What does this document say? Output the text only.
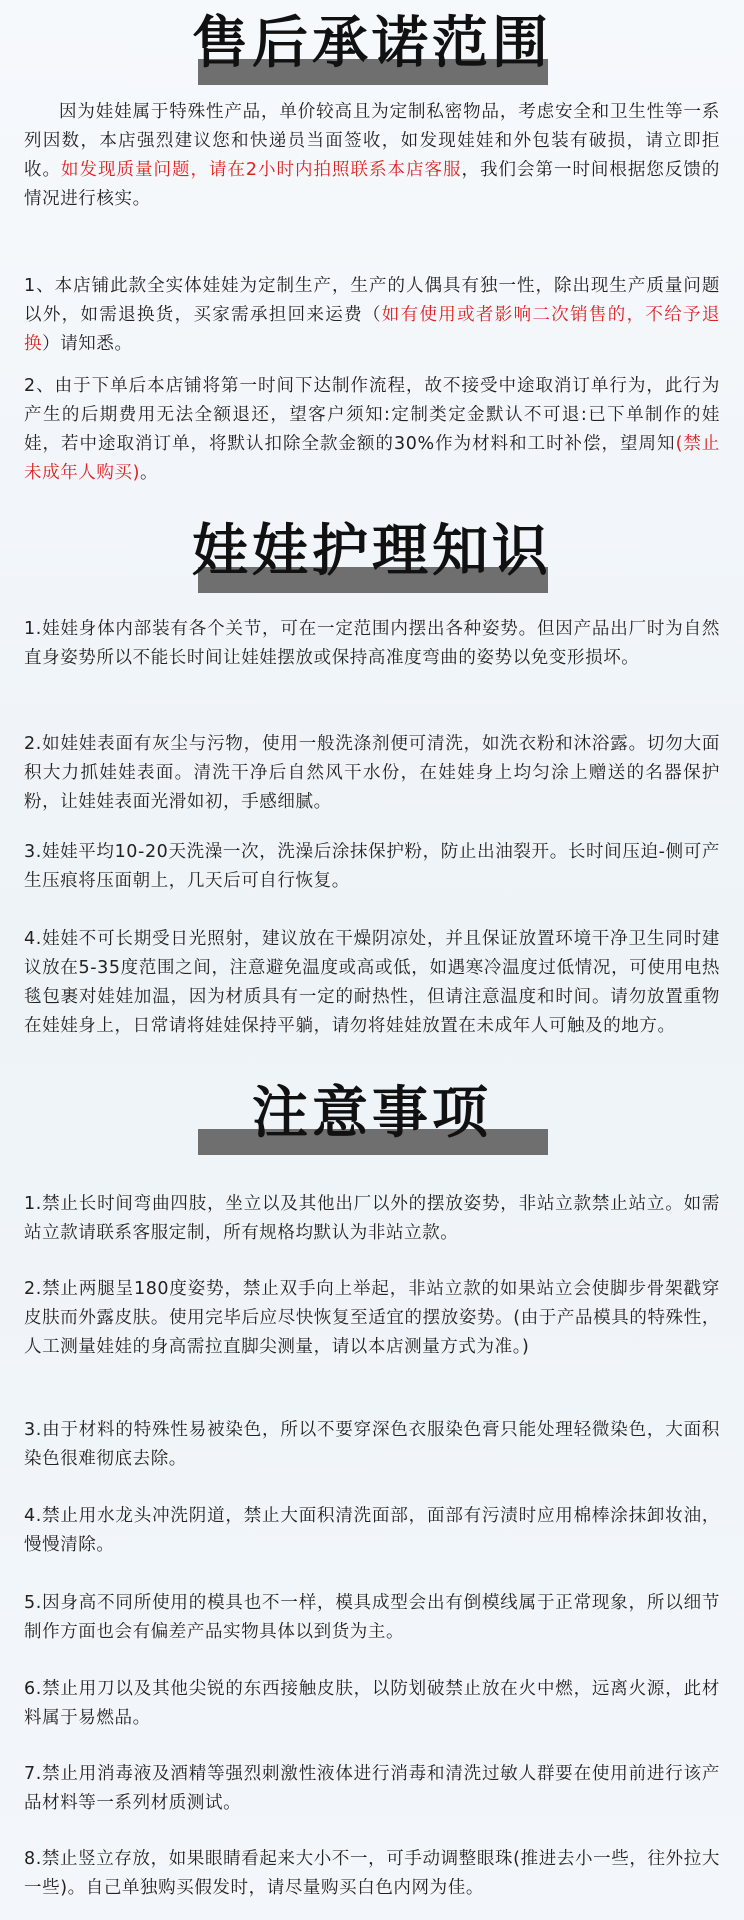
售后承诺范围
因为娃娃属于特殊性产品，单价较高且为定制私密物品，考虑安全和卫生性等一系列因数，本店强烈建议您和快递员当面签收，如发现娃娃和外包装有破损，请立即拒收。如发现质量问题，请在2小时内拍照联系本店客服，我们会第一时间根据您反馈的情况进行核实。
1、本店铺此款全实体娃娃为定制生产，生产的人偶具有独一性，除出现生产质量问题以外，如需退换货，买家需承担回来运费（如有使用或者影响二次销售的，不给予退换）请知悉。
2、由于下单后本店铺将第一时间下达制作流程，故不接受中途取消订单行为，此行为产生的后期费用无法全额退还，望客户须知:定制类定金默认不可退:已下单制作的娃娃，若中途取消订单，将默认扣除全款金额的30%作为材料和工时补偿，望周知(禁止未成年人购买)。
娃娃护理知识
1.娃娃身体内部装有各个关节，可在一定范围内摆出各种姿势。但因产品出厂时为自然直身姿势所以不能长时间让娃娃摆放或保持高准度弯曲的姿势以免变形损坏。
2.如娃娃表面有灰尘与污物，使用一般洗涤剂便可清洗，如洗衣粉和沐浴露。切勿大面积大力抓娃娃表面。清洗干净后自然风干水份，在娃娃身上均匀涂上赠送的名器保护粉，让娃娃表面光滑如初，手感细腻。
3.娃娃平均10-20天洗澡一次，洗澡后涂抹保护粉，防止出油裂开。长时间压迫-侧可产生压痕将压面朝上，几天后可自行恢复。
4.娃娃不可长期受日光照射，建议放在干燥阴凉处，并且保证放置环境干净卫生同时建议放在5-35度范围之间，注意避免温度或高或低，如遇寒冷温度过低情况，可使用电热毯包裹对娃娃加温，因为材质具有一定的耐热性，但请注意温度和时间。请勿放置重物在娃娃身上，日常请将娃娃保持平躺，请勿将娃娃放置在未成年人可触及的地方。
注意事项
1.禁止长时间弯曲四肢，坐立以及其他出厂以外的摆放姿势，非站立款禁止站立。如需站立款请联系客服定制，所有规格均默认为非站立款。
2.禁止两腿呈180度姿势，禁止双手向上举起，非站立款的如果站立会使脚步骨架戳穿皮肤而外露皮肤。使用完毕后应尽快恢复至适宜的摆放姿势。(由于产品模具的特殊性，人工测量娃娃的身高需拉直脚尖测量，请以本店测量方式为准。)
3.由于材料的特殊性易被染色，所以不要穿深色衣服染色膏只能处理轻微染色，大面积染色很难彻底去除。
4.禁止用水龙头冲洗阴道，禁止大面积清洗面部，面部有污渍时应用棉棒涂抹卸妆油，慢慢清除。
5.因身高不同所使用的模具也不一样，模具成型会出有倒模线属于正常现象，所以细节制作方面也会有偏差产品实物具体以到货为主。
6.禁止用刀以及其他尖锐的东西接触皮肤，以防划破禁止放在火中燃，远离火源，此材料属于易燃品。
7.禁止用消毒液及酒精等强烈刺激性液体进行消毒和清洗过敏人群要在使用前进行该产品材料等一系列材质测试。
8.禁止竖立存放，如果眼睛看起来大小不一，可手动调整眼珠(推进去小一些，往外拉大一些)。自己单独购买假发时，请尽量购买白色内网为佳。
